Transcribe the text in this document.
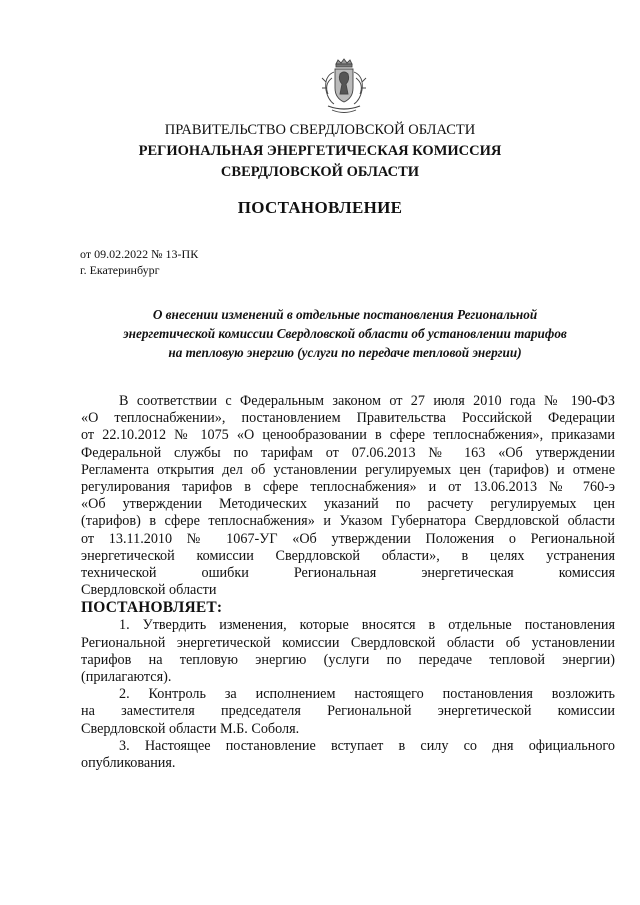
ПРАВИТЕЛЬСТВО СВЕРДЛОВСКОЙ ОБЛАСТИ
РЕГИОНАЛЬНАЯ ЭНЕРГЕТИЧЕСКАЯ КОМИССИЯ
СВЕРДЛОВСКОЙ ОБЛАСТИ
ПОСТАНОВЛЕНИЕ
от 09.02.2022 № 13-ПК
г. Екатеринбург
О внесении изменений в отдельные постановления Региональной
энергетической комиссии Свердловской области об установлении тарифов
на тепловую энергию (услуги по передаче тепловой энергии)

В соответствии с Федеральным законом от 27 июля 2010 года № 190-ФЗ

«О теплоснабжении», постановлением Правительства Российской Федерации

от 22.10.2012 № 1075 «О ценообразовании в сфере теплоснабжения», приказами

Федеральной службы по тарифам от 07.06.2013 № 163 «Об утверждении

Регламента открытия дел об установлении регулируемых цен (тарифов) и отмене

регулирования тарифов в сфере теплоснабжения» и от 13.06.2013 № 760-э

«Об утверждении Методических указаний по расчету регулируемых цен

(тарифов) в сфере теплоснабжения» и Указом Губернатора Свердловской области

от 13.11.2010 № 1067-УГ «Об утверждении Положения о Региональной

энергетической комиссии Свердловской области», в целях устранения

технической ошибки Региональная энергетическая комиссия

Свердловской области

ПОСТАНОВЛЯЕТ:

1. Утвердить изменения, которые вносятся в отдельные постановления

Региональной энергетической комиссии Свердловской области об установлении

тарифов на тепловую энергию (услуги по передаче тепловой энергии)

(прилагаются).

2. Контроль за исполнением настоящего постановления возложить

на заместителя председателя Региональной энергетической комиссии

Свердловской области М.Б. Соболя.

3. Настоящее постановление вступает в силу со дня официального

опубликования.
